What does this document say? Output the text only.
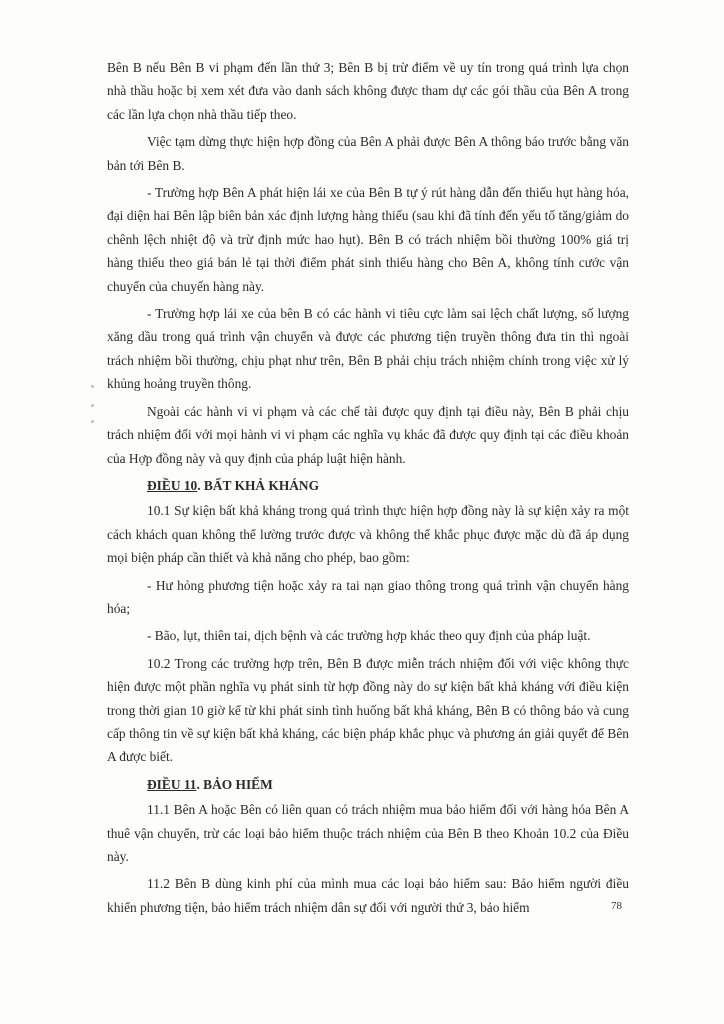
Bên B nếu Bên B vi phạm đến lần thứ 3; Bên B bị trừ điểm về uy tín trong quá trình lựa chọn nhà thầu hoặc bị xem xét đưa vào danh sách không được tham dự các gói thầu của Bên A trong các lần lựa chọn nhà thầu tiếp theo.

Việc tạm dừng thực hiện hợp đồng của Bên A phải được Bên A thông báo trước bằng văn bản tới Bên B.

- Trường hợp Bên A phát hiện lái xe của Bên B tự ý rút hàng dẫn đến thiếu hụt hàng hóa, đại diện hai Bên lập biên bản xác định lượng hàng thiếu (sau khi đã tính đến yếu tố tăng/giảm do chênh lệch nhiệt độ và trừ định mức hao hụt). Bên B có trách nhiệm bồi thường 100% giá trị hàng thiếu theo giá bán lẻ tại thời điểm phát sinh thiếu hàng cho Bên A, không tính cước vận chuyển của chuyến hàng này.

- Trường hợp lái xe của bên B có các hành vi tiêu cực làm sai lệch chất lượng, số lượng xăng dầu trong quá trình vận chuyển và được các phương tiện truyền thông đưa tin thì ngoài trách nhiệm bồi thường, chịu phạt như trên, Bên B phải chịu trách nhiệm chính trong việc xử lý khủng hoảng truyền thông.

Ngoài các hành vi vi phạm và các chế tài được quy định tại điều này, Bên B phải chịu trách nhiệm đối với mọi hành vi vi phạm các nghĩa vụ khác đã được quy định tại các điều khoản của Hợp đồng này và quy định của pháp luật hiện hành.

ĐIỀU 10. BẤT KHẢ KHÁNG

10.1 Sự kiện bất khả kháng trong quá trình thực hiện hợp đồng này là sự kiện xảy ra một cách khách quan không thể lường trước được và không thể khắc phục được mặc dù đã áp dụng mọi biện pháp cần thiết và khả năng cho phép, bao gồm:

- Hư hỏng phương tiện hoặc xảy ra tai nạn giao thông trong quá trình vận chuyển hàng hóa;

- Bão, lụt, thiên tai, dịch bệnh và các trường hợp khác theo quy định của pháp luật.

10.2 Trong các trường hợp trên, Bên B được miễn trách nhiệm đối với việc không thực hiện được một phần nghĩa vụ phát sinh từ hợp đồng này do sự kiện bất khả kháng với điều kiện trong thời gian 10 giờ kể từ khi phát sinh tình huống bất khả kháng, Bên B có thông báo và cung cấp thông tin về sự kiện bất khả kháng, các biện pháp khắc phục và phương án giải quyết để Bên A được biết.

ĐIỀU 11. BẢO HIỂM

11.1 Bên A hoặc Bên có liên quan có trách nhiệm mua bảo hiểm đối với hàng hóa Bên A thuê vận chuyển, trừ các loại bảo hiểm thuộc trách nhiệm của Bên B theo Khoản 10.2 của Điều này.

11.2 Bên B dùng kinh phí của mình mua các loại bảo hiểm sau: Bảo hiểm người điều khiển phương tiện, bảo hiểm trách nhiệm dân sự đối với người thứ 3, bảo hiểm	78
